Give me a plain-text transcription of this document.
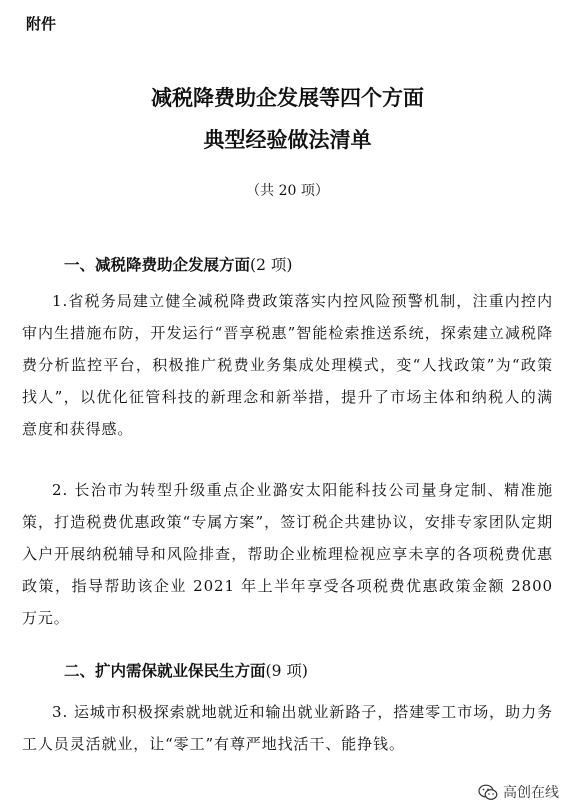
附件
减税降费助企发展等四个方面
典型经验做法清单
（共 20 项）
一、减税降费助企发展方面(2 项)
1.省税务局建立健全减税降费政策落实内控风险预警机制，注重内控内审内生措施布防，开发运行“晋享税惠”智能检索推送系统，探索建立减税降费分析监控平台，积极推广税费业务集成处理模式，变“人找政策”为“政策找人”，以优化征管科技的新理念和新举措，提升了市场主体和纳税人的满意度和获得感。
2. 长治市为转型升级重点企业潞安太阳能科技公司量身定制、精准施策，打造税费优惠政策“专属方案”，签订税企共建协议，安排专家团队定期入户开展纳税辅导和风险排查，帮助企业梳理检视应享未享的各项税费优惠政策，指导帮助该企业 2021 年上半年享受各项税费优惠政策金额 2800 万元。
二、扩内需保就业保民生方面(9 项)
3. 运城市积极探索就地就近和输出就业新路子，搭建零工市场，助力务工人员灵活就业，让“零工”有尊严地找活干、能挣钱。
高创在线
